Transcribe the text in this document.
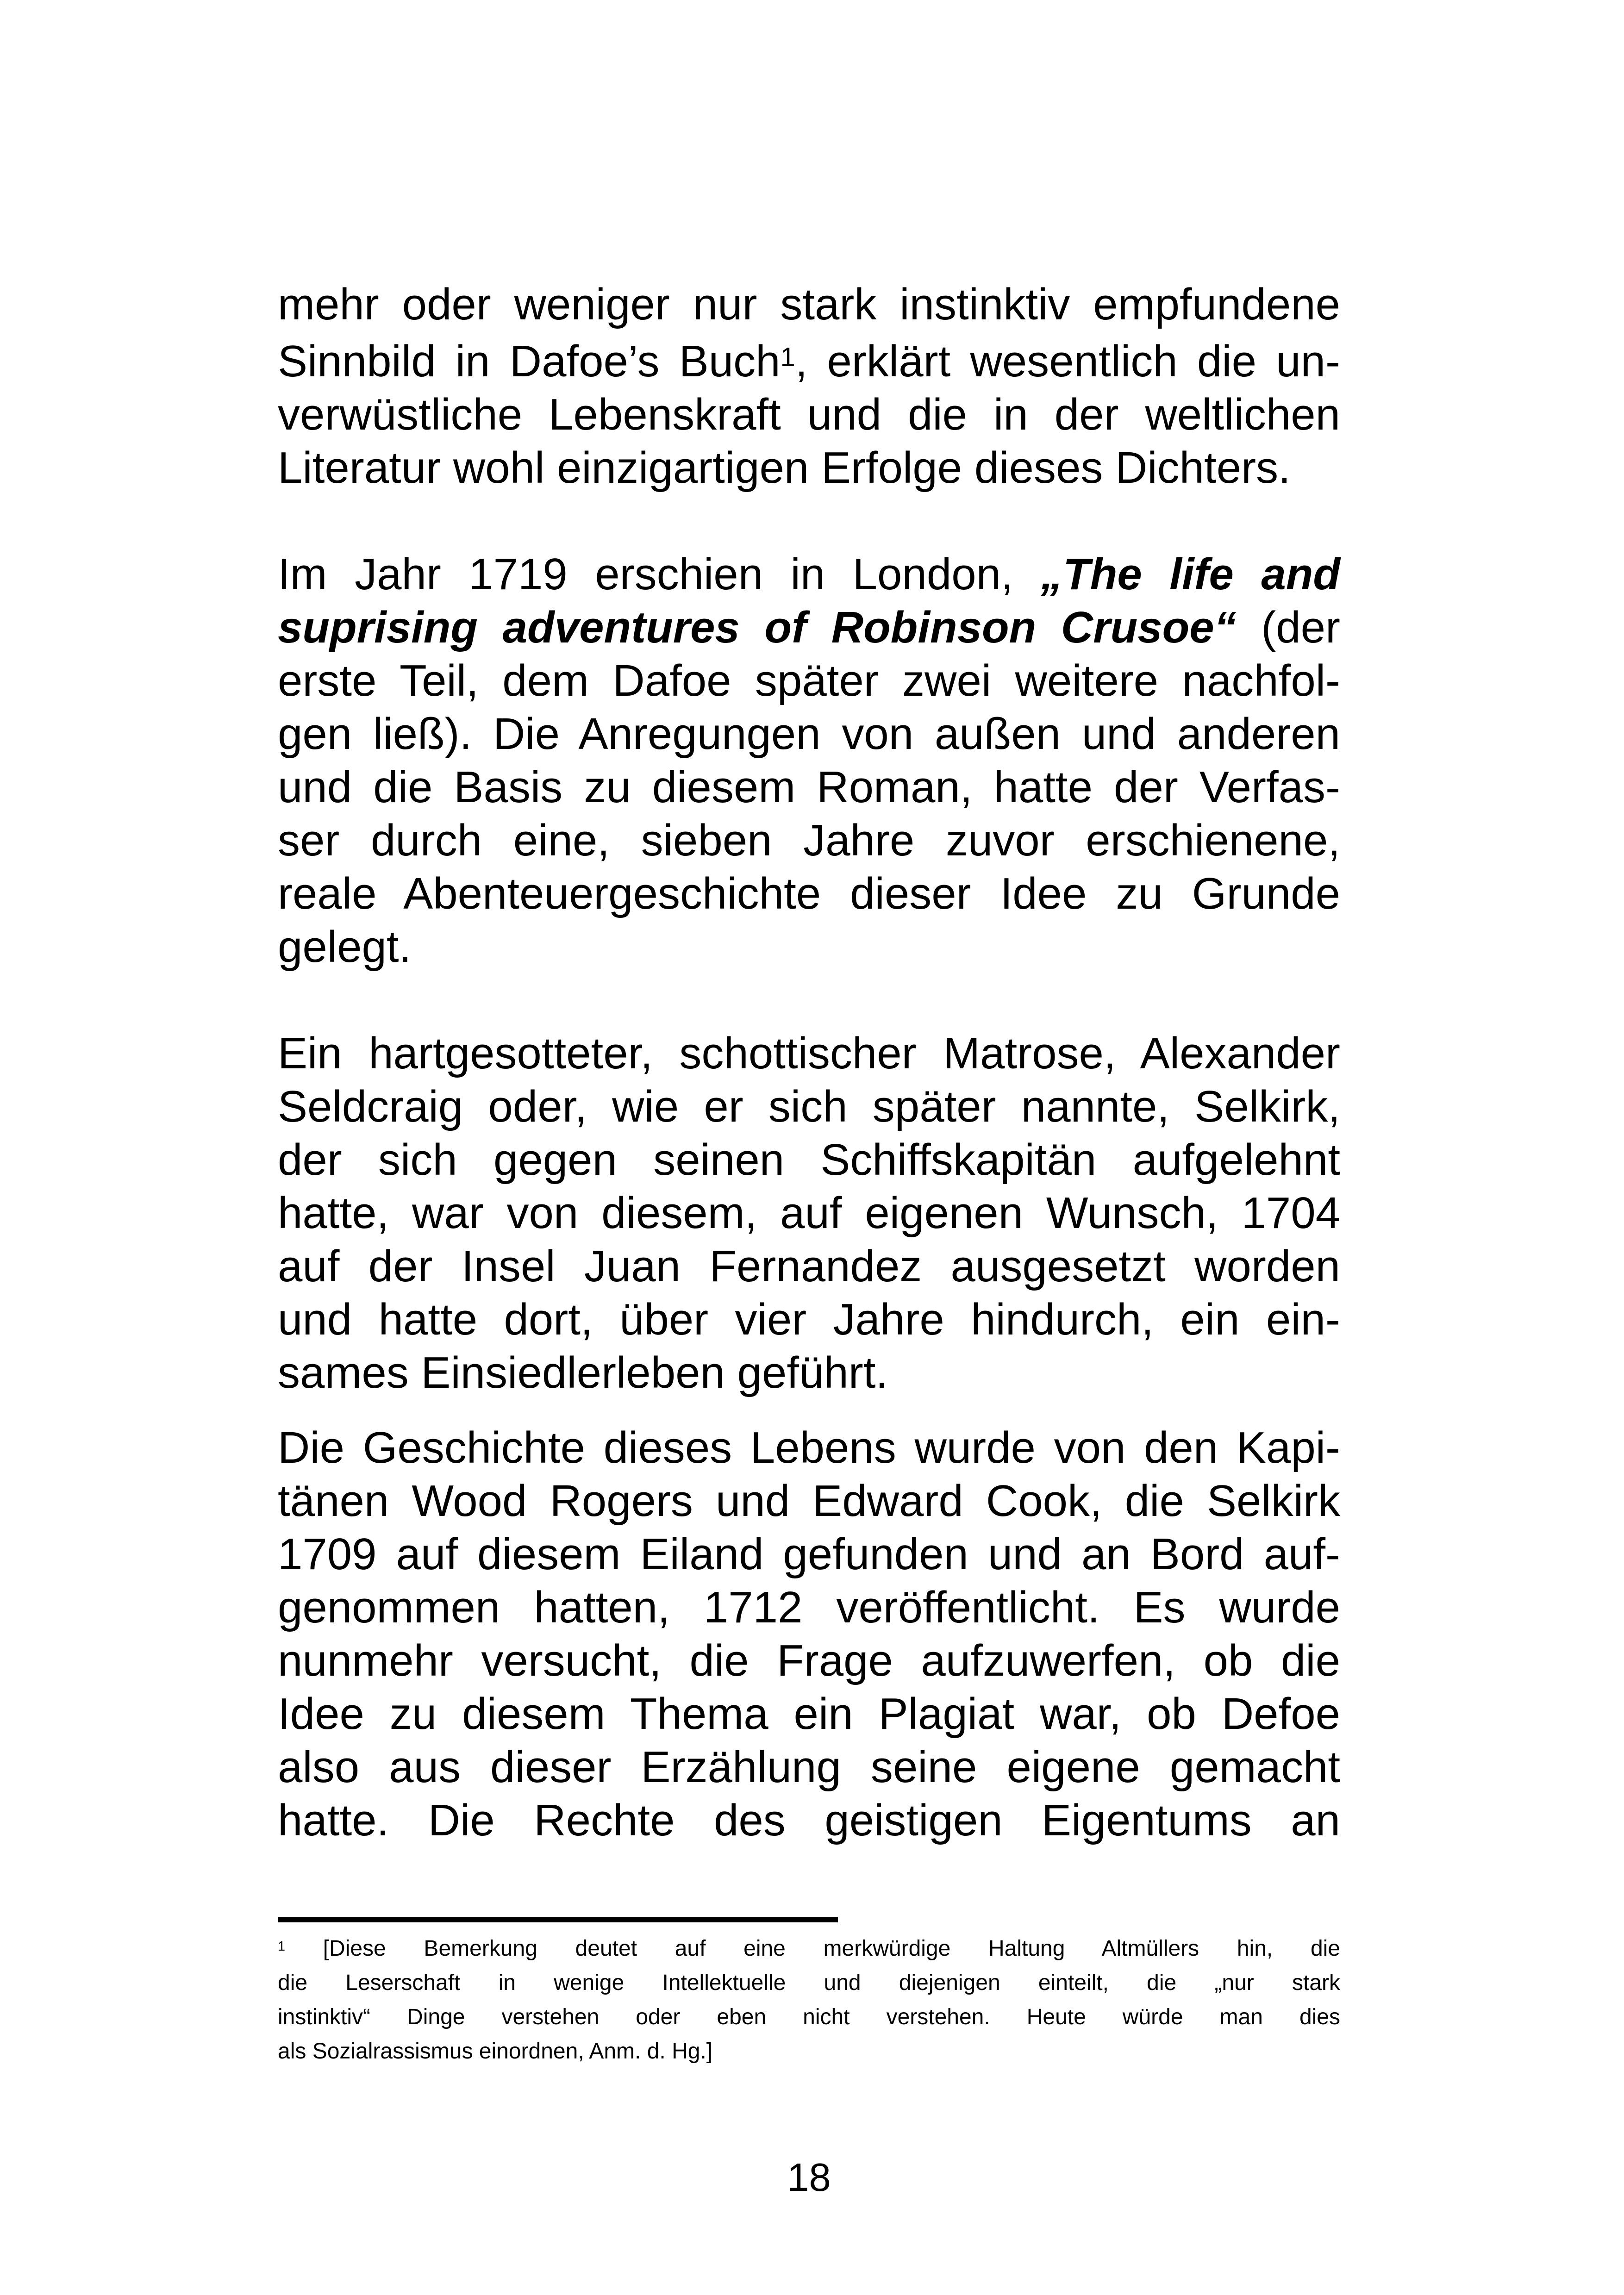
mehr oder weniger nur stark instinktiv empfundene
Sinnbild in Dafoe’s Buch$^1$, erklärt wesentlich die un-
verwüstliche Lebenskraft und die in der weltlichen
Literatur wohl einzigartigen Erfolge dieses Dichters.
Im Jahr 1719 erschien in London, „The life and
suprising adventures of Robinson Crusoe“ (der
erste Teil, dem Dafoe später zwei weitere nachfol-
gen ließ). Die Anregungen von außen und anderen
und die Basis zu diesem Roman, hatte der Verfas-
ser durch eine, sieben Jahre zuvor erschienene,
reale Abenteuergeschichte dieser Idee zu Grunde
gelegt.
Ein hartgesotteter, schottischer Matrose, Alexander
Seldcraig oder, wie er sich später nannte, Selkirk,
der sich gegen seinen Schiffskapitän aufgelehnt
hatte, war von diesem, auf eigenen Wunsch, 1704
auf der Insel Juan Fernandez ausgesetzt worden
und hatte dort, über vier Jahre hindurch, ein ein-
sames Einsiedlerleben geführt.
Die Geschichte dieses Lebens wurde von den Kapi-
tänen Wood Rogers und Edward Cook, die Selkirk
1709 auf diesem Eiland gefunden und an Bord auf-
genommen hatten, 1712 veröffentlicht. Es wurde
nunmehr versucht, die Frage aufzuwerfen, ob die
Idee zu diesem Thema ein Plagiat war, ob Defoe
also aus dieser Erzählung seine eigene gemacht
hatte. Die Rechte des geistigen Eigentums an
$^1$ [Diese Bemerkung deutet auf eine merkwürdige Haltung Altmüllers hin, die
die Leserschaft in wenige Intellektuelle und diejenigen einteilt, die „nur stark
instinktiv“ Dinge verstehen oder eben nicht verstehen. Heute würde man dies
als Sozialrassismus einordnen, Anm. d. Hg.]
18
